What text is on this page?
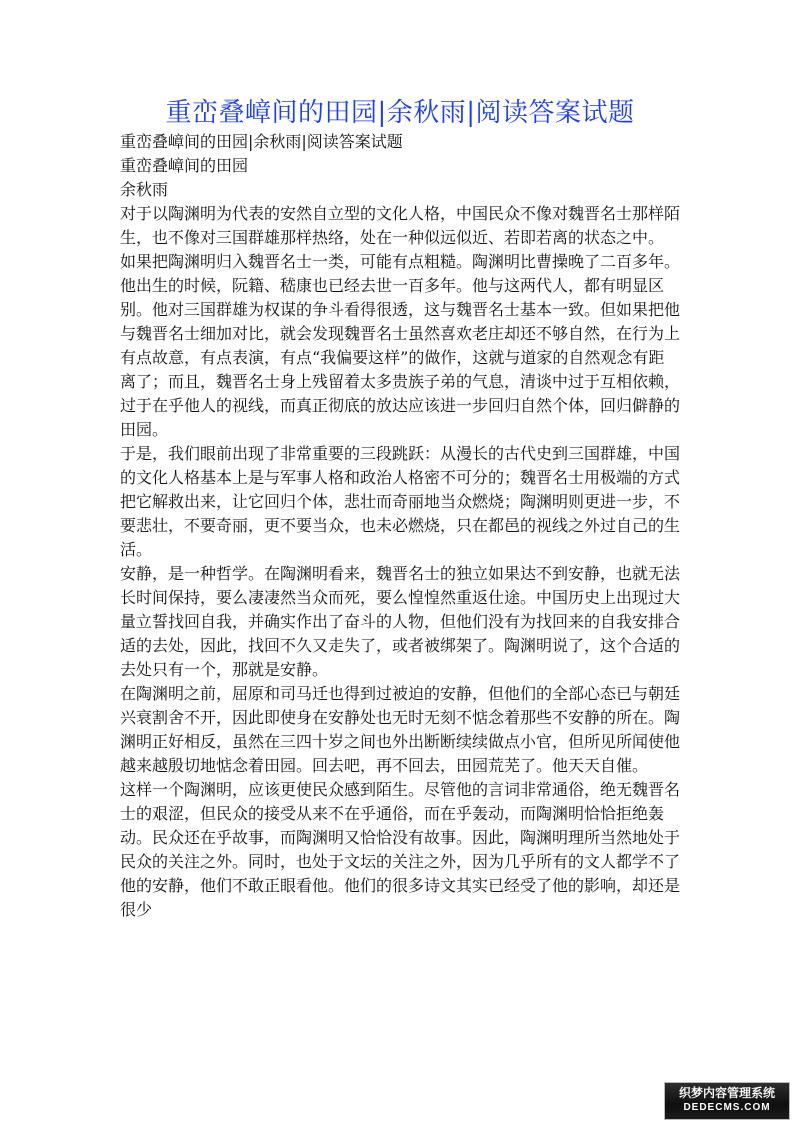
重峦叠嶂间的田园|余秋雨|阅读答案试题

重峦叠嶂间的田园|余秋雨|阅读答案试题

重峦叠嶂间的田园

余秋雨

对于以陶渊明为代表的安然自立型的文化人格，中国民众不像对魏晋名士那样陌生，也不像对三国群雄那样热络，处在一种似远似近、若即若离的状态之中。

如果把陶渊明归入魏晋名士一类，可能有点粗糙。陶渊明比曹操晚了二百多年。他出生的时候，阮籍、嵇康也已经去世一百多年。他与这两代人，都有明显区别。他对三国群雄为权谋的争斗看得很透，这与魏晋名士基本一致。但如果把他与魏晋名士细加对比，就会发现魏晋名士虽然喜欢老庄却还不够自然，在行为上有点故意，有点表演，有点“我偏要这样”的做作，这就与道家的自然观念有距离了；而且，魏晋名士身上残留着太多贵族子弟的气息，清谈中过于互相依赖，过于在乎他人的视线，而真正彻底的放达应该进一步回归自然个体，回归僻静的田园。

于是，我们眼前出现了非常重要的三段跳跃：从漫长的古代史到三国群雄，中国的文化人格基本上是与军事人格和政治人格密不可分的；魏晋名士用极端的方式把它解救出来，让它回归个体，悲壮而奇丽地当众燃烧；陶渊明则更进一步，不要悲壮，不要奇丽，更不要当众，也未必燃烧，只在都邑的视线之外过自己的生活。

安静，是一种哲学。在陶渊明看来，魏晋名士的独立如果达不到安静，也就无法长时间保持，要么凄凄然当众而死，要么惶惶然重返仕途。中国历史上出现过大量立誓找回自我，并确实作出了奋斗的人物，但他们没有为找回来的自我安排合适的去处，因此，找回不久又走失了，或者被绑架了。陶渊明说了，这个合适的去处只有一个，那就是安静。

在陶渊明之前，屈原和司马迁也得到过被迫的安静，但他们的全部心态已与朝廷兴衰割舍不开，因此即使身在安静处也无时无刻不惦念着那些不安静的所在。陶渊明正好相反，虽然在三四十岁之间也外出断断续续做点小官，但所见所闻使他越来越殷切地惦念着田园。回去吧，再不回去，田园荒芜了。他天天自催。

这样一个陶渊明，应该更使民众感到陌生。尽管他的言词非常通俗，绝无魏晋名士的艰涩，但民众的接受从来不在乎通俗，而在乎轰动，而陶渊明恰恰拒绝轰动。民众还在乎故事，而陶渊明又恰恰没有故事。因此，陶渊明理所当然地处于民众的关注之外。同时，也处于文坛的关注之外，因为几乎所有的文人都学不了他的安静，他们不敢正眼看他。他们的很多诗文其实已经受了他的影响，却还是很少

织梦内容管理系统
DEDECMS.COM
